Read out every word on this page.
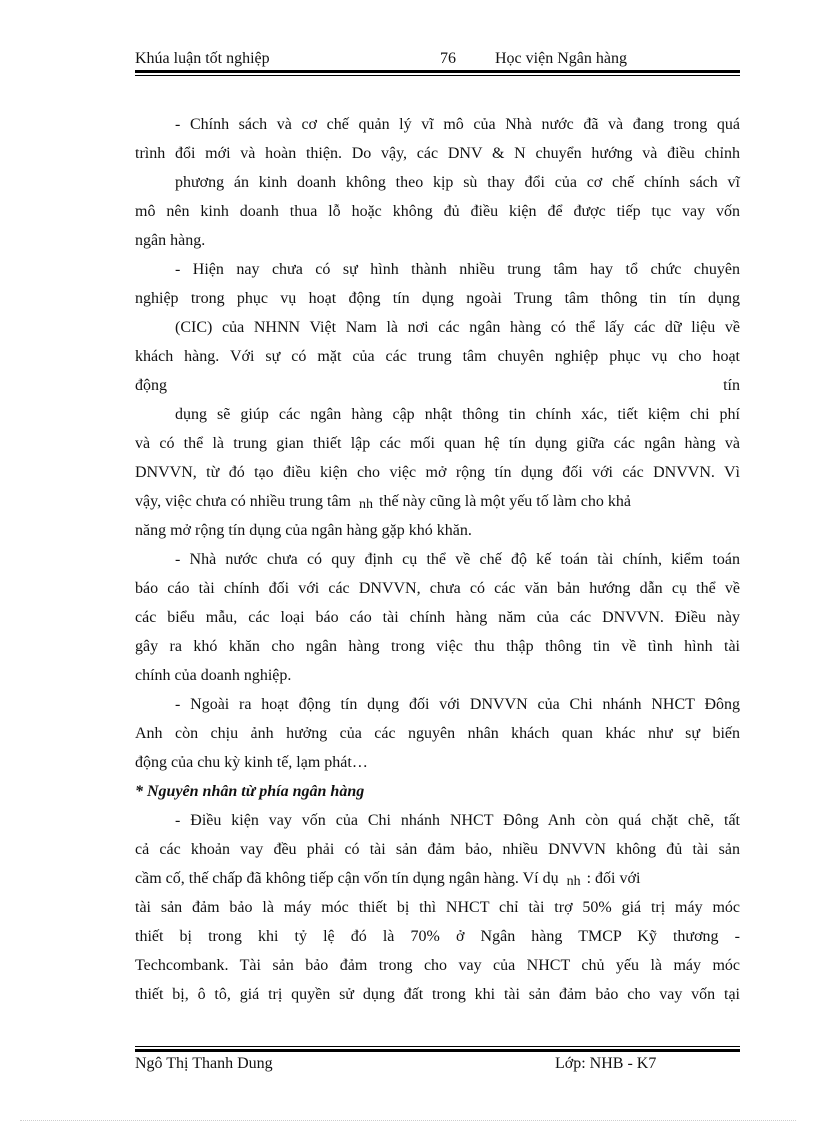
Khúa luận tốt nghiệp	76 Học viện Ngân hàng
- Chính sách và cơ chế quản lý vĩ mô của Nhà nước đã và đang trong quá
trình đổi mới và hoàn thiện. Do vậy, các DNV & N chuyển hướng và điều chỉnh
phương án kinh doanh không theo kịp sù thay đổi của cơ chế chính sách vĩ
mô nên kinh doanh thua lỗ hoặc không đủ điều kiện để được tiếp tục vay vốn
ngân hàng.
- Hiện nay chưa có sự hình thành nhiều trung tâm hay tổ chức chuyên
nghiệp trong phục vụ hoạt động tín dụng ngoài Trung tâm thông tin tín dụng
(CIC) của NHNN Việt Nam là nơi các ngân hàng có thể lấy các dữ liệu về
khách hàng. Với sự có mặt của các trung tâm chuyên nghiệp phục vụ cho hoạt
động	tín
dụng sẽ giúp các ngân hàng cập nhật thông tin chính xác, tiết kiệm chi phí
và có thể là trung gian thiết lập các mối quan hệ tín dụng giữa các ngân hàng và
DNVVN, từ đó tạo điều kiện cho việc mở rộng tín dụng đối với các DNVVN. Vì
vậy, việc chưa có nhiều trung tâm nh thế này cũng là một yếu tố làm cho khả
năng mở rộng tín dụng của ngân hàng gặp khó khăn.
- Nhà nước chưa có quy định cụ thể về chế độ kế toán tài chính, kiểm toán
báo cáo tài chính đối với các DNVVN, chưa có các văn bản hướng dẫn cụ thể về
các biểu mẫu, các loại báo cáo tài chính hàng năm của các DNVVN. Điều này
gây ra khó khăn cho ngân hàng trong việc thu thập thông tin về tình hình tài
chính của doanh nghiệp.
- Ngoài ra hoạt động tín dụng đối với DNVVN của Chi nhánh NHCT Đông
Anh còn chịu ảnh hưởng của các nguyên nhân khách quan khác như sự biến
động của chu kỳ kinh tế, lạm phát…
* Nguyên nhân từ phía ngân hàng
- Điều kiện vay vốn của Chi nhánh NHCT Đông Anh còn quá chặt chẽ, tất
cả các khoản vay đều phải có tài sản đảm bảo, nhiều DNVVN không đủ tài sản
cầm cố, thế chấp đã không tiếp cận vốn tín dụng ngân hàng. Ví dụ nh : đối với
tài sản đảm bảo là máy móc thiết bị thì NHCT chỉ tài trợ 50% giá trị máy móc
thiết bị trong khi tỷ lệ đó là 70% ở Ngân hàng TMCP Kỹ thương -
Techcombank. Tài sản bảo đảm trong cho vay của NHCT chủ yếu là máy móc
thiết bị, ô tô, giá trị quyền sử dụng đất trong khi tài sản đảm bảo cho vay vốn tại
Ngô Thị Thanh Dung	Lớp: NHB - K7
